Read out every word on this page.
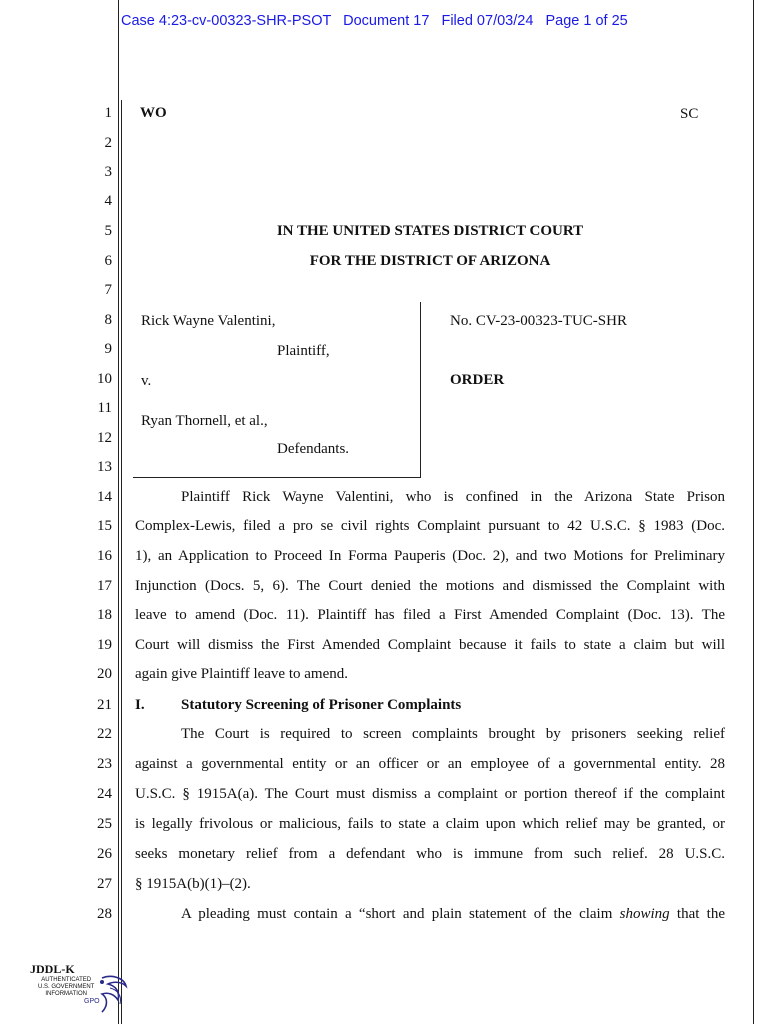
Case 4:23-cv-00323-SHR-PSOT   Document 17   Filed 07/03/24   Page 1 of 25
1
2
3
4
5
6
7
8
9
10
11
12
13
14
15
16
17
18
19
20
21
22
23
24
25
26
27
28
WO	SC
IN THE UNITED STATES DISTRICT COURT
FOR THE DISTRICT OF ARIZONA
Rick Wayne Valentini,
Plaintiff,
v.
Ryan Thornell, et al.,
Defendants.
No. CV-23-00323-TUC-SHR
ORDER
Plaintiff Rick Wayne Valentini, who is confined in the Arizona State Prison
Complex-Lewis, filed a pro se civil rights Complaint pursuant to 42 U.S.C. § 1983 (Doc.
1), an Application to Proceed In Forma Pauperis (Doc. 2), and two Motions for Preliminary
Injunction (Docs. 5, 6). The Court denied the motions and dismissed the Complaint with
leave to amend (Doc. 11). Plaintiff has filed a First Amended Complaint (Doc. 13). The
Court will dismiss the First Amended Complaint because it fails to state a claim but will
again give Plaintiff leave to amend.
I. Statutory Screening of Prisoner Complaints
The Court is required to screen complaints brought by prisoners seeking relief
against a governmental entity or an officer or an employee of a governmental entity. 28
U.S.C. § 1915A(a). The Court must dismiss a complaint or portion thereof if the complaint
is legally frivolous or malicious, fails to state a claim upon which relief may be granted, or
seeks monetary relief from a defendant who is immune from such relief. 28 U.S.C.
§ 1915A(b)(1)–(2).
A pleading must contain a “short and plain statement of the claim showing that the
JDDL-K
AUTHENTICATED
U.S. GOVERNMENT
INFORMATION
GPO
